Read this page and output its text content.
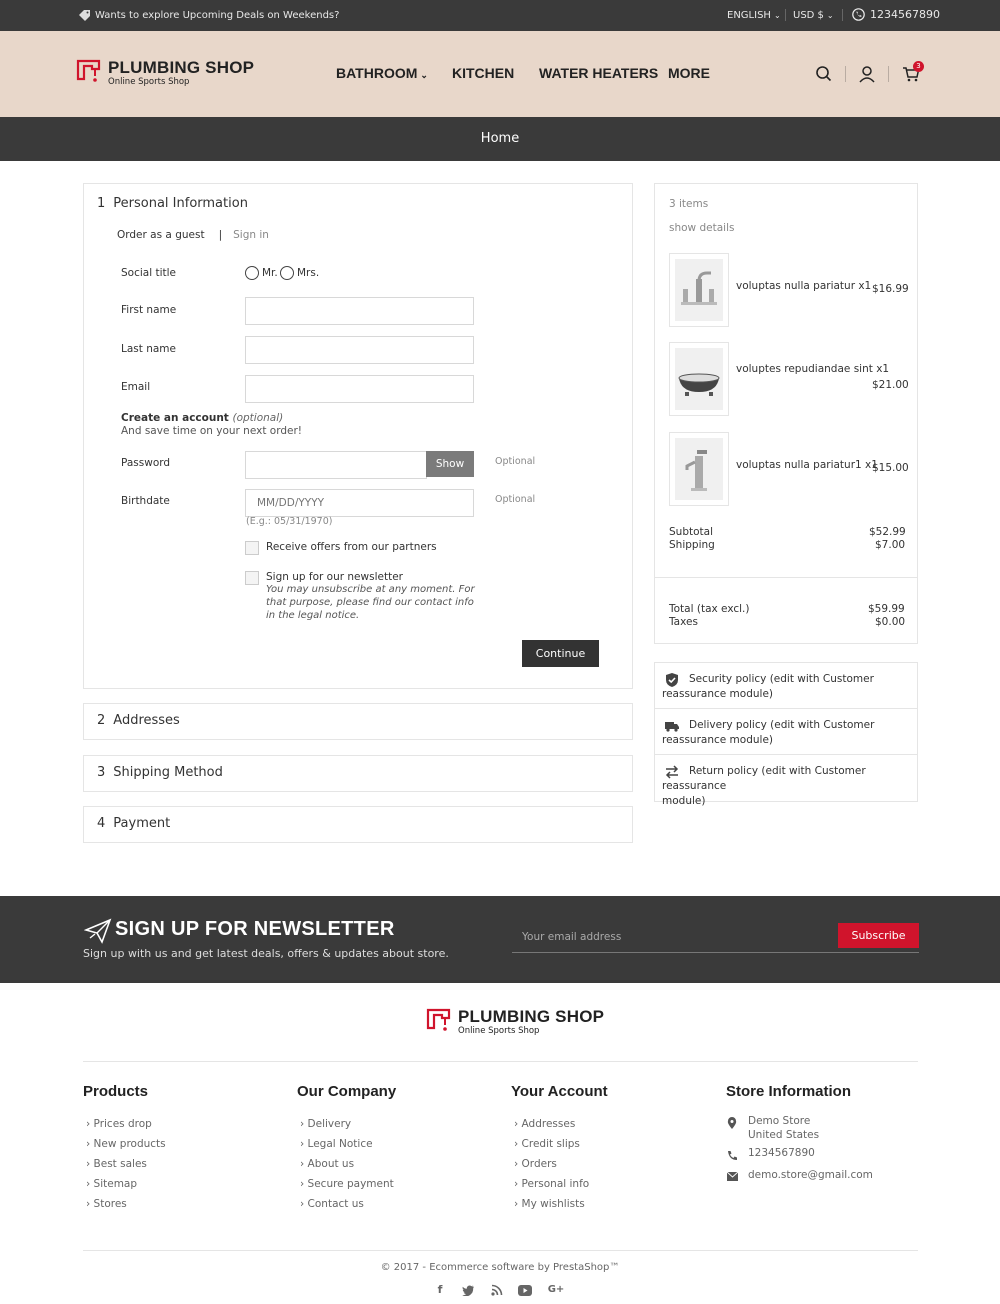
Wants to explore Upcoming Deals on Weekends?	ENGLISH ⌄ USD $ ⌄	1234567890
PLUMBING SHOP
Online Sports Shop
BATHROOM ⌄ KITCHEN WATER HEATERS MORE	3
Home
1 Personal Information
Order as a guest | Sign in
Social title	Mr. Mrs.
First name
Last name
Email
Create an account (optional)
And save time on your next order!
Password	Show	Optional
Birthdate
MM/DD/YYYY	Optional
(E.g.: 05/31/1970)
Receive offers from our partners
Sign up for our newsletter
You may unsubscribe at any moment. For
that purpose, please find our contact info
in the legal notice.
Continue
2 Addresses
3 Shipping Method
4 Payment
3 items
show details
voluptas nulla pariatur x1 $16.99
voluptes repudiandae sint x1
$21.00
voluptas nulla pariatur1 x1
$15.00
Subtotal	$52.99
Shipping	$7.00
Total (tax excl.)	$59.99
Taxes	$0.00
Security policy (edit with Customer
reassurance module)
Delivery policy (edit with Customer
reassurance module)
Return policy (edit with Customer reassurance
module)
SIGN UP FOR NEWSLETTER
Sign up with us and get latest deals, offers & updates about store.
Your email address	Subscribe
PLUMBING SHOP
Online Sports Shop
Products
› Prices drop
› New products
› Best sales
› Sitemap
› Stores
Our Company
› Delivery
› Legal Notice
› About us
› Secure payment
› Contact us
Your Account
› Addresses
› Credit slips
› Orders
› Personal info
› My wishlists
Store Information
Demo Store
United States
1234567890
demo.store@gmail.com
© 2017 - Ecommerce software by PrestaShop™
f	G+
